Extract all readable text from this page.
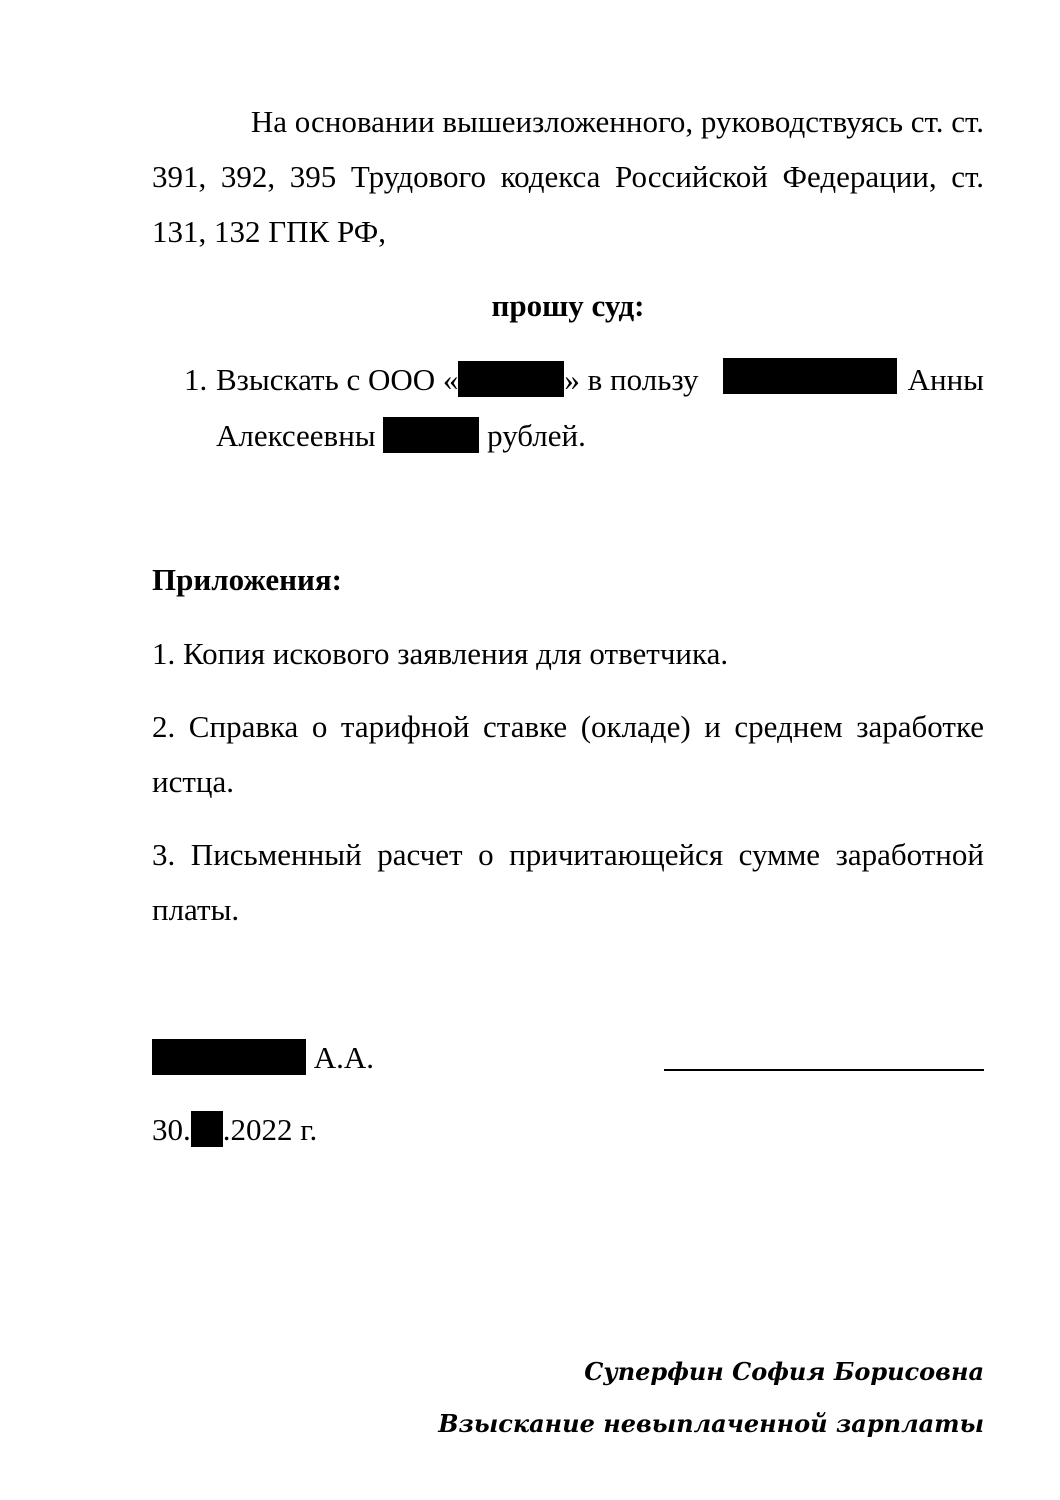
На основании вышеизложенного, руководствуясь ст. ст.
391, 392, 395 Трудового кодекса Российской Федерации, ст.
131, 132 ГПК РФ,
прошу суд:
1. Взыскать с ООО «	» в пользу	Анны
Алексеевны	рублей.
Приложения:
1. Копия искового заявления для ответчика.
2. Справка о тарифной ставке (окладе) и среднем заработке
истца.
3. Письменный расчет о причитающейся сумме заработной
платы.
А.А.
30. .2022 г.
Суперфин София Борисовна
Взыскание невыплаченной зарплаты
